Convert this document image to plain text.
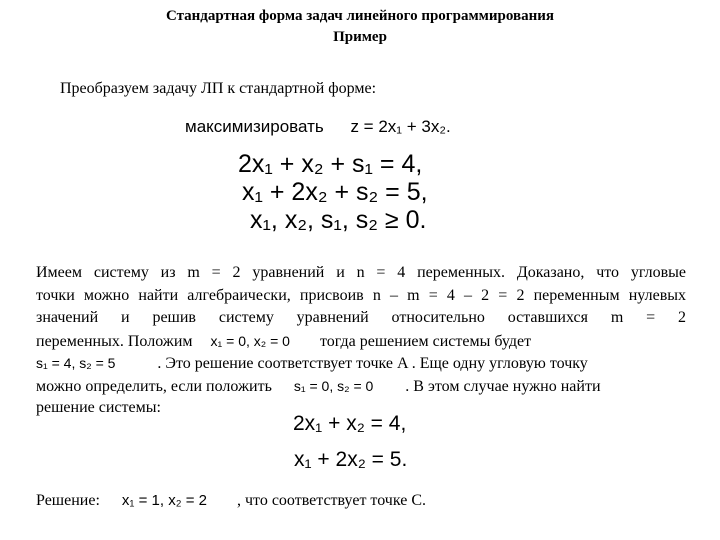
Стандартная форма задач линейного программирования
Пример
Преобразуем задачу ЛП к стандартной форме:
максимизировать z = 2x₁ + 3x₂.
2x₁ + x₂ + s₁ = 4,
x₁ + 2x₂ + s₂ = 5,
x₁, x₂, s₁, s₂ ≥ 0.
Имеем систему из m = 2 уравнений и n = 4 переменных. Доказано, что угловые
точки можно найти алгебраически, присвоив n – m = 4 – 2 = 2 переменным нулевых
значений и решив систему уравнений относительно оставшихся m = 2
переменных. Положим x₁ = 0, x₂ = 0 тогда решением системы будет
s₁ = 4, s₂ = 5	. Это решение соответствует точке A . Еще одну угловую точку
можно определить, если положить s₁ = 0, s₂ = 0 . В этом случае нужно найти
решение системы:
2x₁ + x₂ = 4,
x₁ + 2x₂ = 5.
Решение: x₁ = 1, x₂ = 2 , что соответствует точке C.
